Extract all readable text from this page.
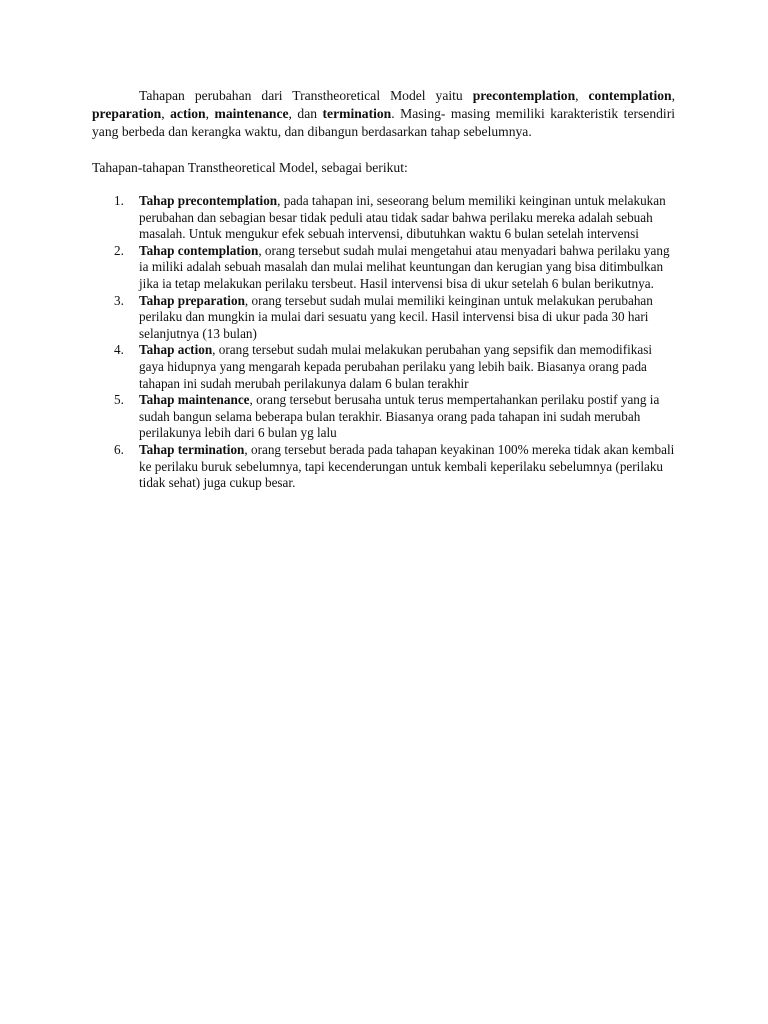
Tahapan perubahan dari Transtheoretical Model yaitu precontemplation, contemplation, preparation, action, maintenance, dan termination. Masing- masing memiliki karakteristik tersendiri yang berbeda dan kerangka waktu, dan dibangun berdasarkan tahap sebelumnya.

Tahapan-tahapan Transtheoretical Model, sebagai berikut:

1. Tahap precontemplation, pada tahapan ini, seseorang belum memiliki keinginan untuk melakukan perubahan dan sebagian besar tidak peduli atau tidak sadar bahwa perilaku mereka adalah sebuah masalah. Untuk mengukur efek sebuah intervensi, dibutuhkan waktu 6 bulan setelah intervensi
2. Tahap contemplation, orang tersebut sudah mulai mengetahui atau menyadari bahwa perilaku yang ia miliki adalah sebuah masalah dan mulai melihat keuntungan dan kerugian yang bisa ditimbulkan jika ia tetap melakukan perilaku tersbeut. Hasil intervensi bisa di ukur setelah 6 bulan berikutnya.
3. Tahap preparation, orang tersebut sudah mulai memiliki keinginan untuk melakukan perubahan perilaku dan mungkin ia mulai dari sesuatu yang kecil. Hasil intervensi bisa di ukur pada 30 hari selanjutnya (13 bulan)
4. Tahap action, orang tersebut sudah mulai melakukan perubahan yang sepsifik dan memodifikasi gaya hidupnya yang mengarah kepada perubahan perilaku yang lebih baik. Biasanya orang pada tahapan ini sudah merubah perilakunya dalam 6 bulan terakhir
5. Tahap maintenance, orang tersebut berusaha untuk terus mempertahankan perilaku postif yang ia sudah bangun selama beberapa bulan terakhir. Biasanya orang pada tahapan ini sudah merubah perilakunya lebih dari 6 bulan yg lalu
6. Tahap termination, orang tersebut berada pada tahapan keyakinan 100% mereka tidak akan kembali ke perilaku buruk sebelumnya, tapi kecenderungan untuk kembali keperilaku sebelumnya (perilaku tidak sehat) juga cukup besar.
